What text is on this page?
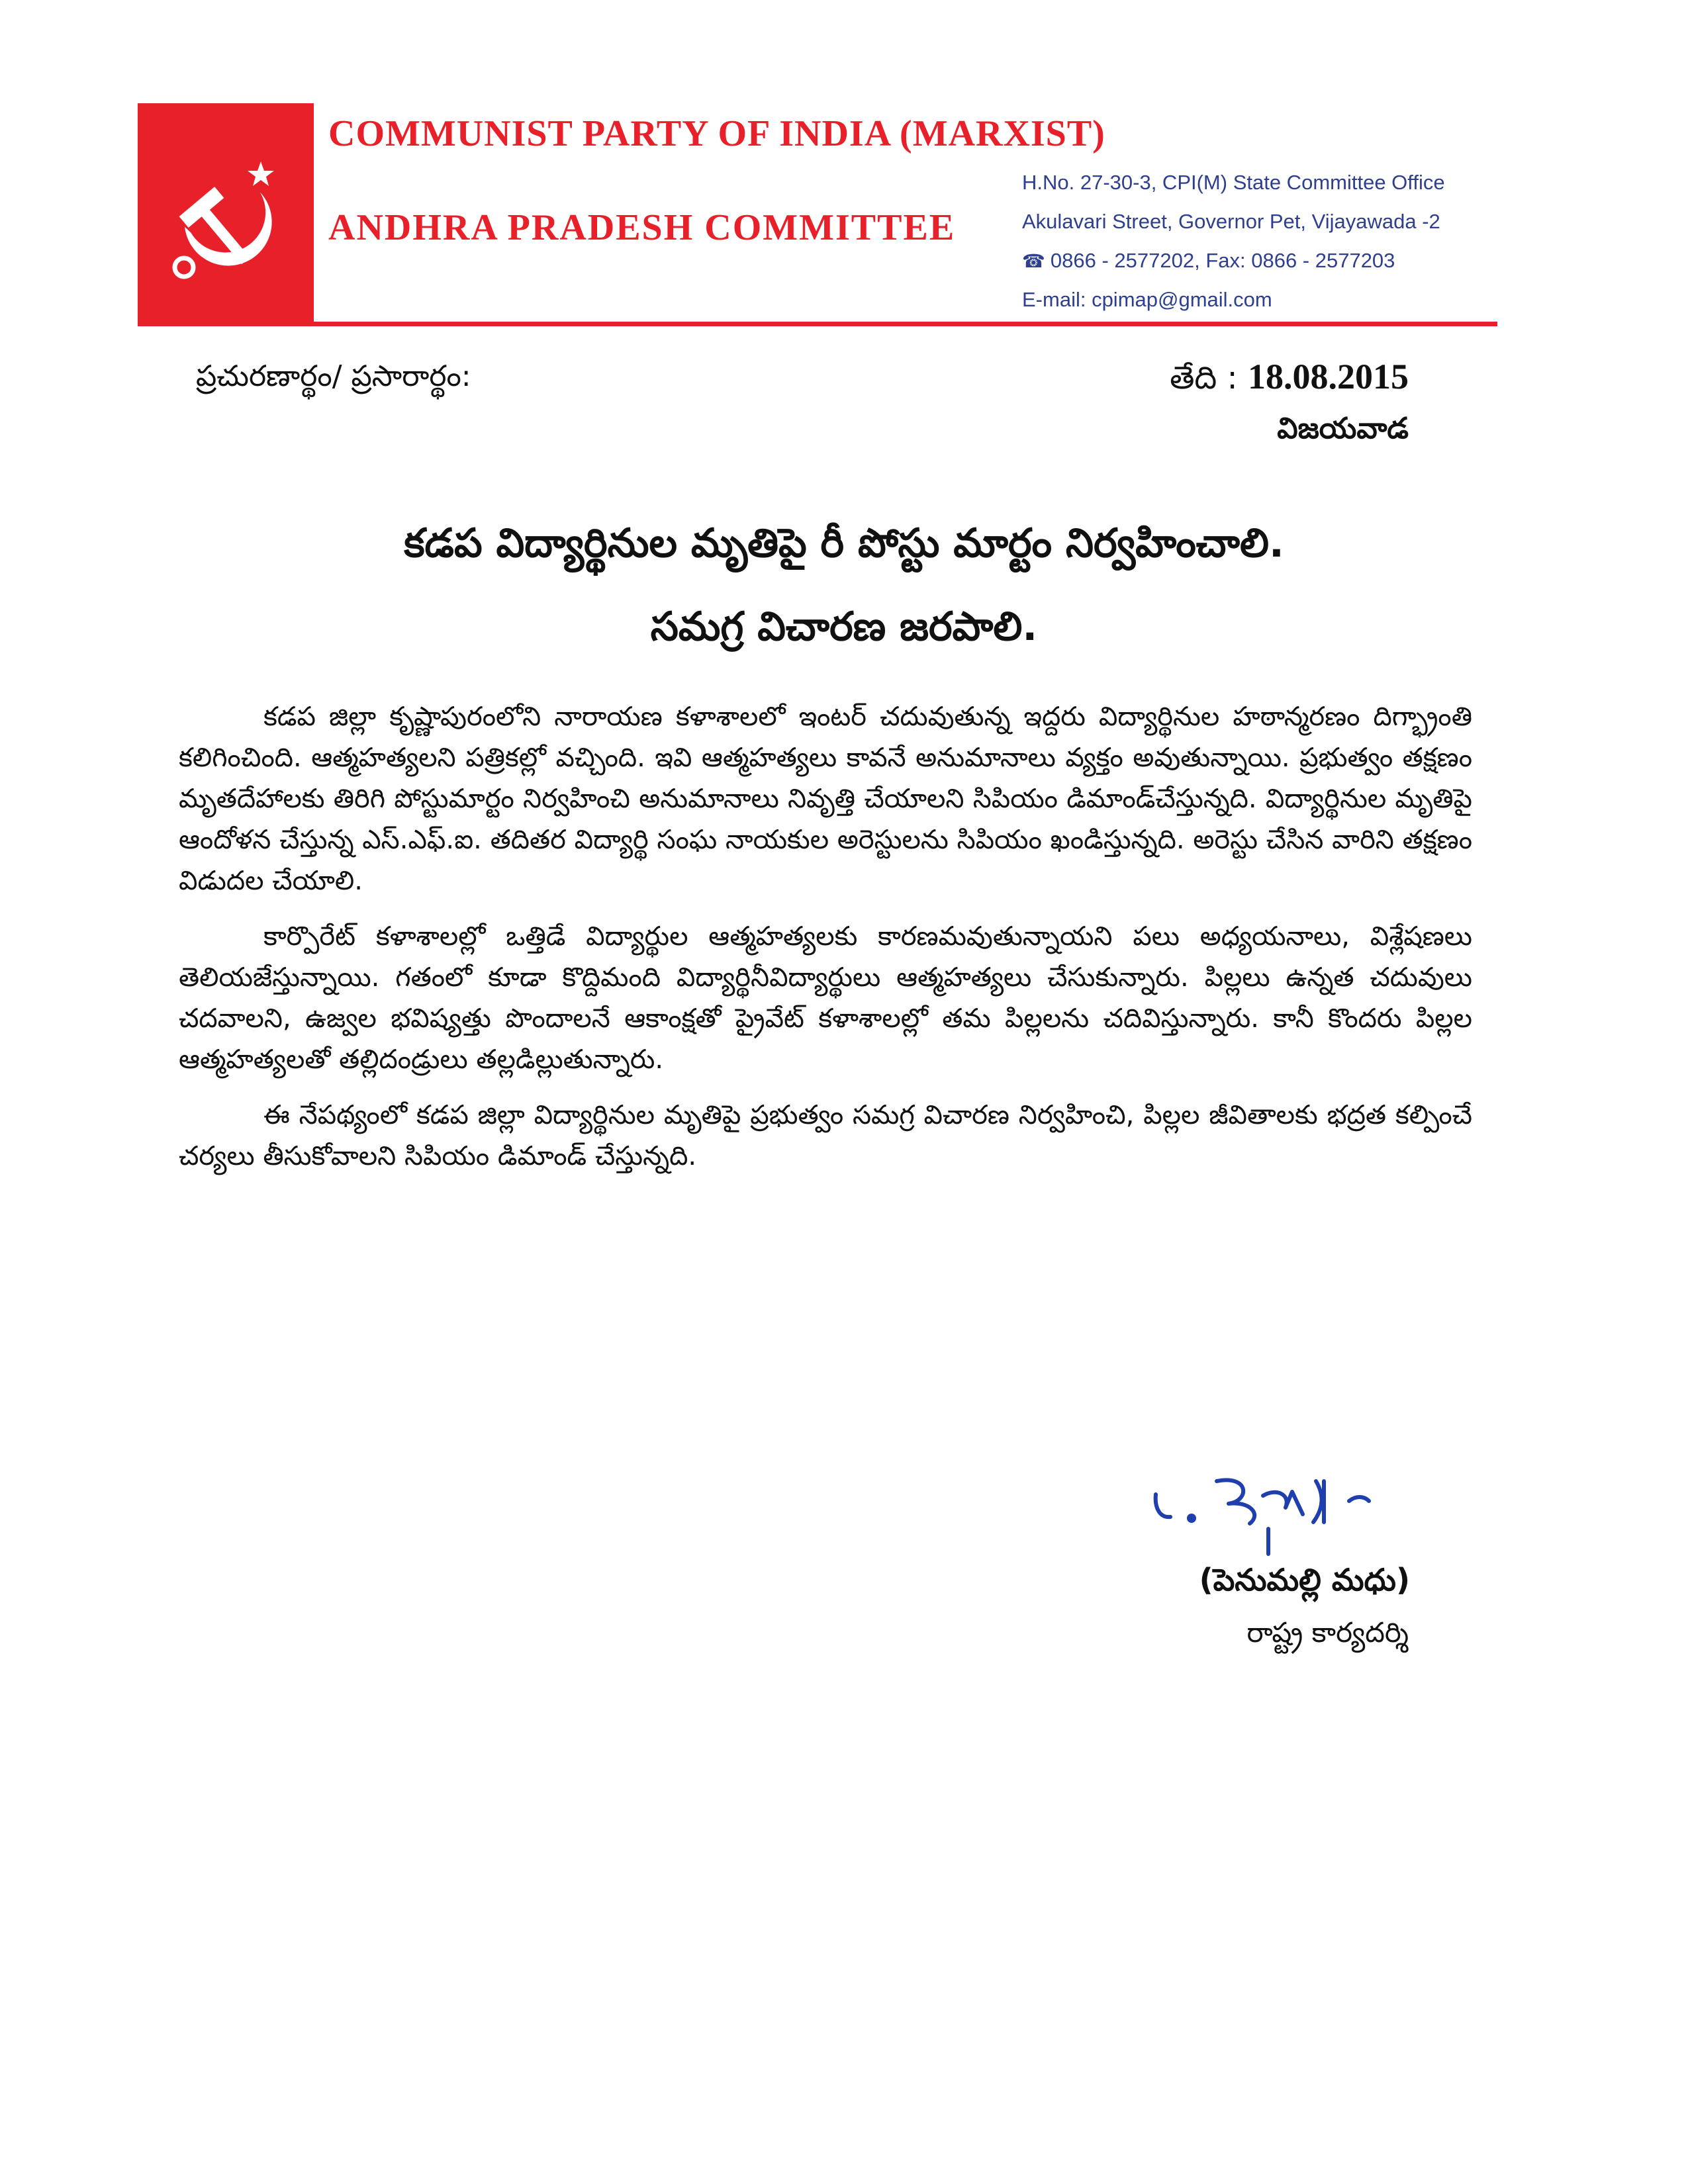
COMMUNIST PARTY OF INDIA (MARXIST)

ANDHRA PRADESH COMMITTEE

H.No. 27-30-3, CPI(M) State Committee Office
Akulavari Street, Governor Pet, Vijayawada -2
☎ 0866 - 2577202, Fax: 0866 - 2577203
E-mail: cpimap@gmail.com
ప్రచురణార్థం/ ప్రసారార్థం:	తేది : 18.08.2015
విజయవాడ
కడప విద్యార్థినుల మృతిపై రీ పోస్టు మార్టం నిర్వహించాలి.
సమగ్ర విచారణ జరపాలి.

కడప జిల్లా కృష్ణాపురంలోని నారాయణ కళాశాలలో ఇంటర్ చదువుతున్న ఇద్దరు విద్యార్థినుల హఠాన్మరణం దిగ్భ్రాంతి కలిగించింది. ఆత్మహత్యలని పత్రికల్లో వచ్చింది. ఇవి ఆత్మహత్యలు కావనే అనుమానాలు వ్యక్తం అవుతున్నాయి. ప్రభుత్వం తక్షణం మృతదేహాలకు తిరిగి పోస్టుమార్టం నిర్వహించి అనుమానాలు నివృత్తి చేయాలని సిపియం డిమాండ్‌చేస్తున్నది. విద్యార్థినుల మృతిపై ఆందోళన చేస్తున్న ఎస్.ఎఫ్.ఐ. తదితర విద్యార్థి సంఘ నాయకుల అరెస్టులను సిపియం ఖండిస్తున్నది. అరెస్టు చేసిన వారిని తక్షణం విడుదల చేయాలి.

కార్పొరేట్ కళాశాలల్లో ఒత్తిడే విద్యార్థుల ఆత్మహత్యలకు కారణమవుతున్నాయని పలు అధ్యయనాలు, విశ్లేషణలు తెలియజేస్తున్నాయి. గతంలో కూడా కొద్దిమంది విద్యార్థినీవిద్యార్థులు ఆత్మహత్యలు చేసుకున్నారు. పిల్లలు ఉన్నత చదువులు చదవాలని, ఉజ్వల భవిష్యత్తు పొందాలనే ఆకాంక్షతో ప్రైవేట్ కళాశాలల్లో తమ పిల్లలను చదివిస్తున్నారు. కానీ కొందరు పిల్లల ఆత్మహత్యలతో తల్లిదండ్రులు తల్లడిల్లుతున్నారు.

ఈ నేపథ్యంలో కడప జిల్లా విద్యార్థినుల మృతిపై ప్రభుత్వం సమగ్ర విచారణ నిర్వహించి, పిల్లల జీవితాలకు భద్రత కల్పించే చర్యలు తీసుకోవాలని సిపియం డిమాండ్ చేస్తున్నది.

(పెనుమల్లి మధు)
రాష్ట్ర కార్యదర్శి
